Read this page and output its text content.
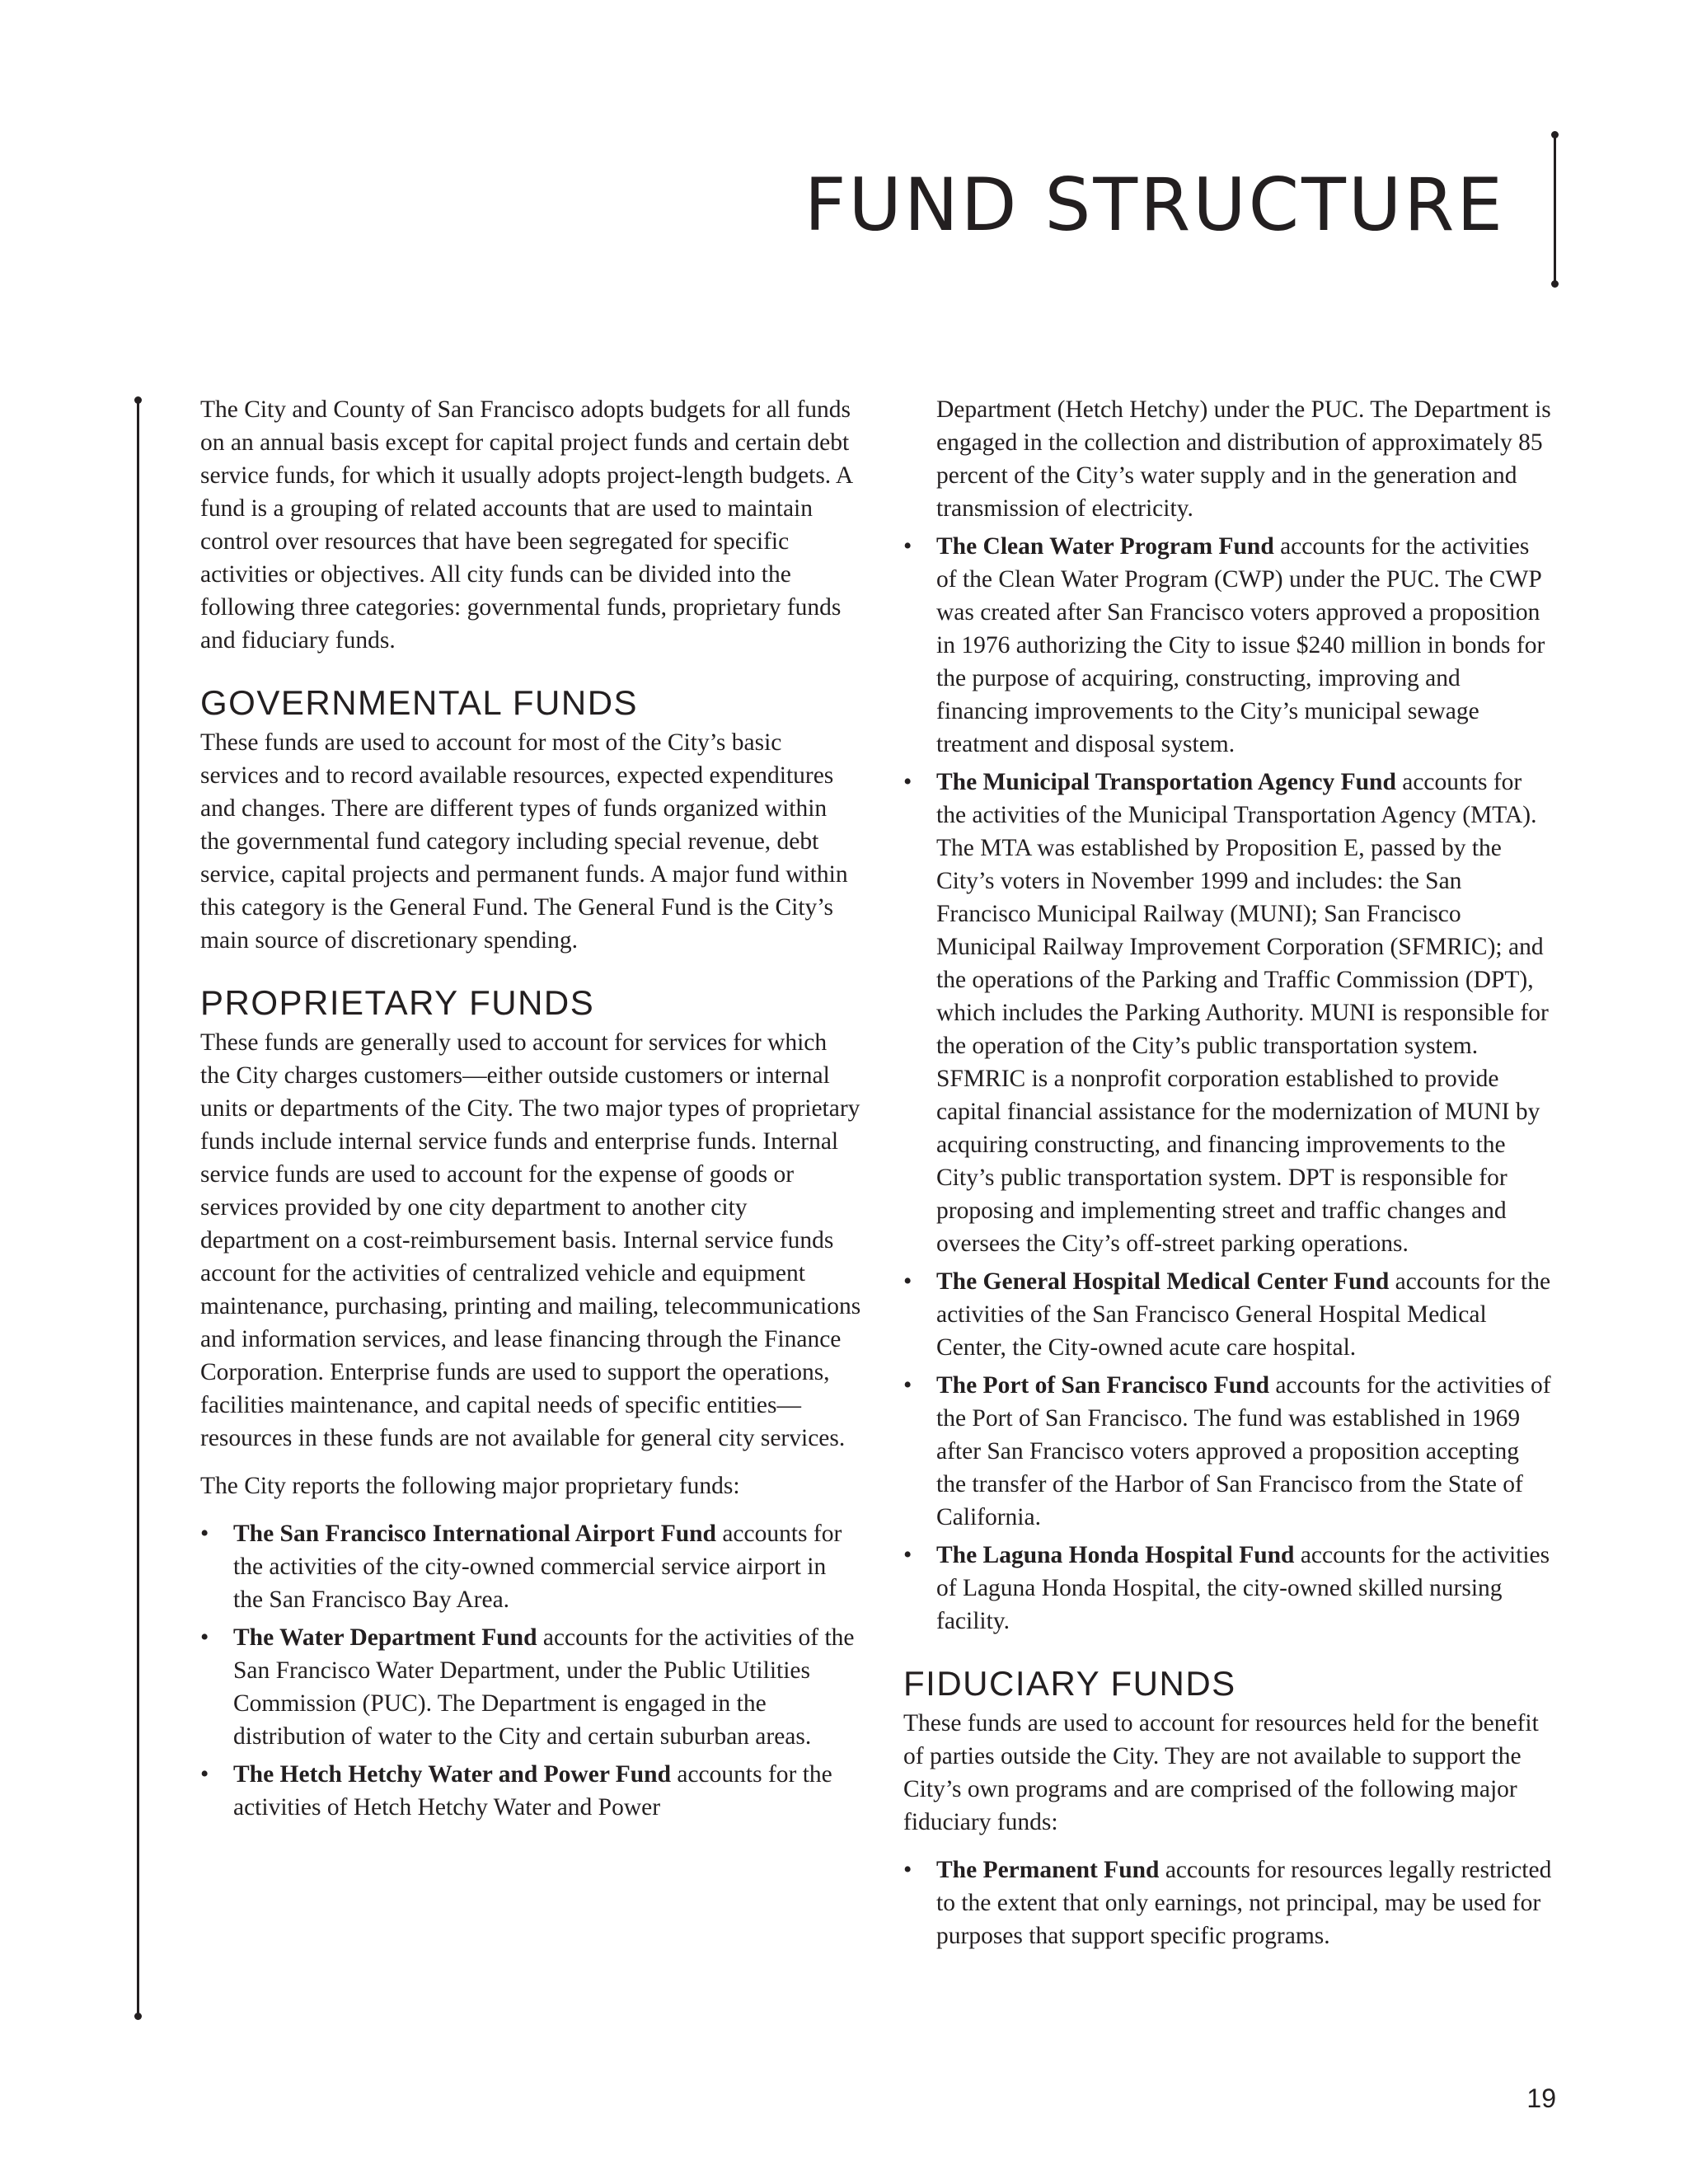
FUND STRUCTURE

The City and County of San Francisco adopts budgets for all funds on an annual basis except for capital project funds and certain debt service funds, for which it usually adopts project-length budgets. A fund is a grouping of related accounts that are used to maintain control over resources that have been segregated for specific activities or objectives. All city funds can be divided into the following three categories: governmental funds, proprietary funds and fiduciary funds.

GOVERNMENTAL FUNDS

These funds are used to account for most of the City’s basic services and to record available resources, expected expenditures and changes. There are different types of funds organized within the governmental fund category including special revenue, debt service, capital projects and permanent funds. A major fund within this category is the General Fund. The General Fund is the City’s main source of discretionary spending.

PROPRIETARY FUNDS

These funds are generally used to account for services for which the City charges customers—either outside customers or internal units or departments of the City. The two major types of proprietary funds include internal service funds and enterprise funds. Internal service funds are used to account for the expense of goods or services provided by one city department to another city department on a cost-reimbursement basis. Internal service funds account for the activities of centralized vehicle and equipment maintenance, purchasing, printing and mailing, telecommunications and information services, and lease financing through the Finance Corporation. Enterprise funds are used to support the operations, facilities maintenance, and capital needs of specific entities—resources in these funds are not available for general city services.

The City reports the following major proprietary funds:

•	The San Francisco International Airport Fund accounts for the activities of the city-owned commercial service airport in the San Francisco Bay Area.
•	The Water Department Fund accounts for the activities of the San Francisco Water Department, under the Public Utilities Commission (PUC). The Department is engaged in the distribution of water to the City and certain suburban areas.
•	The Hetch Hetchy Water and Power Fund accounts for the activities of Hetch Hetchy Water and Power
Department (Hetch Hetchy) under the PUC. The Department is engaged in the collection and distribution of approximately 85 percent of the City’s water supply and in the generation and transmission of electricity.
•	The Clean Water Program Fund accounts for the activities of the Clean Water Program (CWP) under the PUC. The CWP was created after San Francisco voters approved a proposition in 1976 authorizing the City to issue $240 million in bonds for the purpose of acquiring, constructing, improving and financing improvements to the City’s municipal sewage treatment and disposal system.
•	The Municipal Transportation Agency Fund accounts for the activities of the Municipal Transportation Agency (MTA). The MTA was established by Proposition E, passed by the City’s voters in November 1999 and includes: the San Francisco Municipal Railway (MUNI); San Francisco Municipal Railway Improvement Corporation (SFMRIC); and the operations of the Parking and Traffic Commission (DPT), which includes the Parking Authority. MUNI is responsible for the operation of the City’s public transportation system. SFMRIC is a nonprofit corporation established to provide capital financial assistance for the modernization of MUNI by acquiring constructing, and financing improvements to the City’s public transportation system. DPT is responsible for proposing and implementing street and traffic changes and oversees the City’s off-street parking operations.
•	The General Hospital Medical Center Fund accounts for the activities of the San Francisco General Hospital Medical Center, the City-owned acute care hospital.
•	The Port of San Francisco Fund accounts for the activities of the Port of San Francisco. The fund was established in 1969 after San Francisco voters approved a proposition accepting the transfer of the Harbor of San Francisco from the State of California.
•	The Laguna Honda Hospital Fund accounts for the activities of Laguna Honda Hospital, the city-owned skilled nursing facility.
FIDUCIARY FUNDS

These funds are used to account for resources held for the benefit of parties outside the City. They are not available to support the City’s own programs and are comprised of the following major fiduciary funds:

•	The Permanent Fund accounts for resources legally restricted to the extent that only earnings, not principal, may be used for purposes that support specific programs.
19
